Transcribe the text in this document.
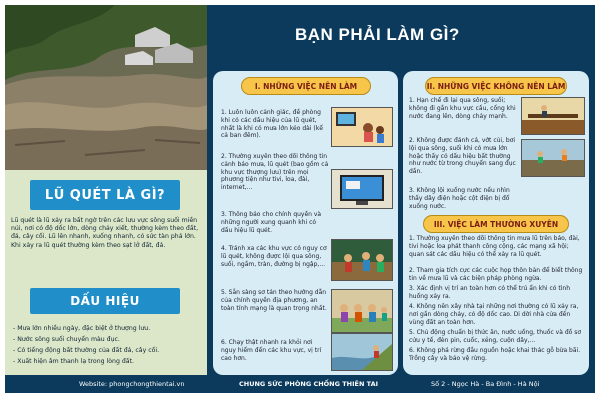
LŨ QUÉT LÀ GÌ?
Lũ quét là lũ xảy ra bất ngờ trên các lưu vực sông suối miền núi, nơi có độ dốc lớn, dòng chảy xiết, thường kèm theo đất, đá, cây cối. Lũ lên nhanh, xuống nhanh, có sức tàn phá lớn. Khi xảy ra lũ quét thường kèm theo sạt lở đất, đá.
DẤU HIỆU
- Mưa lớn nhiều ngày, đặc biệt ở thượng lưu.
- Nước sông suối chuyển màu đục.
- Có tiếng động bất thường của đất đá, cây cối.
- Xuất hiện âm thanh lạ trong lòng đất.
BẠN PHẢI LÀM GÌ?
I. NHỮNG VIỆC NÊN LÀM
1. Luôn luôn cảnh giác, đề phòng khi có các dấu hiệu của lũ quét, nhất là khi có mưa lớn kéo dài (kể cả ban đêm).
2. Thường xuyên theo dõi thông tin cảnh báo mưa, lũ quét (bao gồm cả khu vực thượng lưu) trên mọi phương tiện như tivi, loa, đài, internet,...
3. Thông báo cho chính quyền và những người xung quanh khi có dấu hiệu lũ quét.
4. Tránh xa các khu vực có nguy cơ lũ quét, không được lội qua sông, suối, ngầm, tràn, đường bị ngập,...
5. Sẵn sàng sơ tán theo hướng dẫn của chính quyền địa phương, an toàn tính mạng là quan trọng nhất.
6. Chạy thật nhanh ra khỏi nơi nguy hiểm đến các khu vực, vị trí cao hơn.
II. NHỮNG VIỆC KHÔNG NÊN LÀM
1. Hạn chế đi lại qua sông, suối; không đi gần khu vực cầu, cống khi nước đang lên, dòng chảy mạnh.
2. Không được đánh cá, vớt củi, bơi lội qua sông, suối khi có mưa lớn hoặc thấy có dấu hiệu bất thường như nước từ trong chuyển sang đục dần.
3. Không lội xuống nước nếu nhìn thấy dây điện hoặc cột điện bị đổ xuống nước.
III. VIỆC LÀM THƯỜNG XUYÊN
1. Thường xuyên theo dõi thông tin mưa lũ trên báo, đài, tivi hoặc loa phát thanh công cộng, các mạng xã hội; quan sát các dấu hiệu có thể xảy ra lũ quét.
2. Tham gia tích cực các cuộc họp thôn bản để biết thông tin về mưa lũ và các biện pháp phòng ngừa.
3. Xác định vị trí an toàn hơn có thể trú ẩn khi có tình huống xảy ra.
4. Không nên xây nhà tại những nơi thường có lũ xảy ra, nơi gần dòng chảy, có độ dốc cao. Di dời nhà cửa đến vùng đất an toàn hơn.
5. Chủ động chuẩn bị thức ăn, nước uống, thuốc và đồ sơ cứu y tế, đèn pin, cuốc, xẻng, cuộn dây,...
6. Không phá rừng đầu nguồn hoặc khai thác gỗ bừa bãi. Trồng cây và bảo vệ rừng.
Website: phongchongthientai.vn	CHUNG SỨC PHÒNG CHỐNG THIÊN TAI	Số 2 - Ngọc Hà - Ba Đình - Hà Nội
